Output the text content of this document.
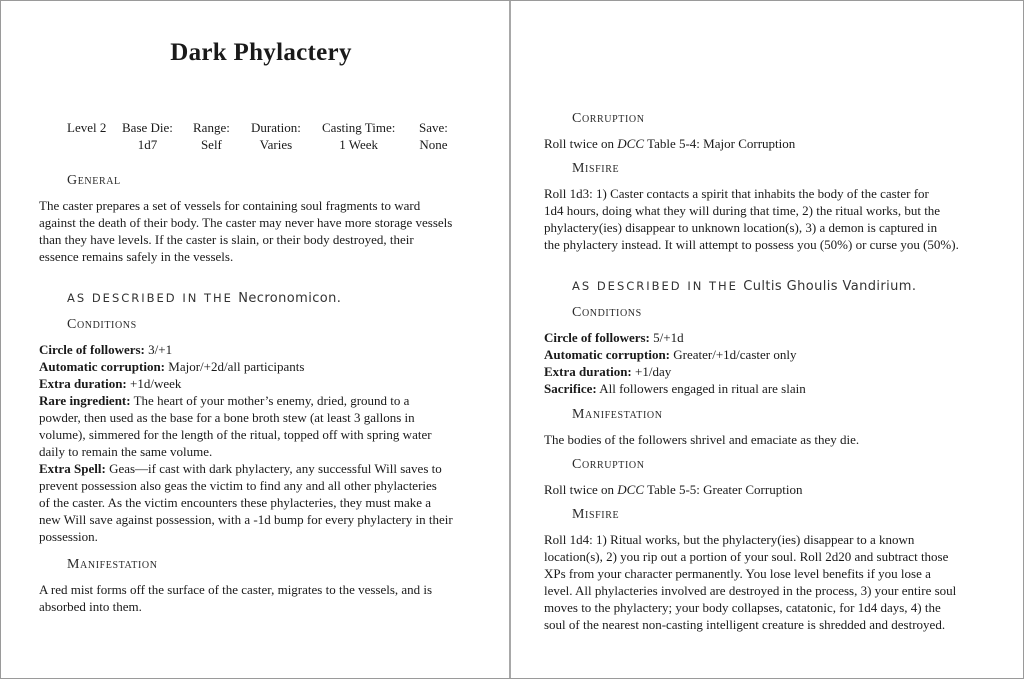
Dark Phylactery
Level 2 Base Die:
1d7
Range:
Self
Duration:
Varies
Casting Time:
1 Week
Save:
None
General
The caster prepares a set of vessels for containing soul fragments to ward
against the death of their body. The caster may never have more storage vessels
than they have levels. If the caster is slain, or their body destroyed, their
essence remains safely in the vessels.
AS DESCRIBED IN THE Necronomicon.
Conditions
Circle of followers: 3/+1
Automatic corruption: Major/+2d/all participants
Extra duration: +1d/week
Rare ingredient: The heart of your mother’s enemy, dried, ground to a
powder, then used as the base for a bone broth stew (at least 3 gallons in
volume), simmered for the length of the ritual, topped off with spring water
daily to remain the same volume.
Extra Spell: Geas—if cast with dark phylactery, any successful Will saves to
prevent possession also geas the victim to find any and all other phylacteries
of the caster. As the victim encounters these phylacteries, they must make a
new Will save against possession, with a -1d bump for every phylactery in their
possession.
Manifestation
A red mist forms off the surface of the caster, migrates to the vessels, and is
absorbed into them.
Corruption
Roll twice on DCC Table 5-4: Major Corruption
Misfire
Roll 1d3: 1) Caster contacts a spirit that inhabits the body of the caster for
1d4 hours, doing what they will during that time, 2) the ritual works, but the
phylactery(ies) disappear to unknown location(s), 3) a demon is captured in
the phylactery instead. It will attempt to possess you (50%) or curse you (50%).
AS DESCRIBED IN THE Cultis Ghoulis Vandirium.
Conditions
Circle of followers: 5/+1d
Automatic corruption: Greater/+1d/caster only
Extra duration: +1/day
Sacrifice: All followers engaged in ritual are slain
Manifestation
The bodies of the followers shrivel and emaciate as they die.
Corruption
Roll twice on DCC Table 5-5: Greater Corruption
Misfire
Roll 1d4: 1) Ritual works, but the phylactery(ies) disappear to a known
location(s), 2) you rip out a portion of your soul. Roll 2d20 and subtract those
XPs from your character permanently. You lose level benefits if you lose a
level. All phylacteries involved are destroyed in the process, 3) your entire soul
moves to the phylactery; your body collapses, catatonic, for 1d4 days, 4) the
soul of the nearest non-casting intelligent creature is shredded and destroyed.
